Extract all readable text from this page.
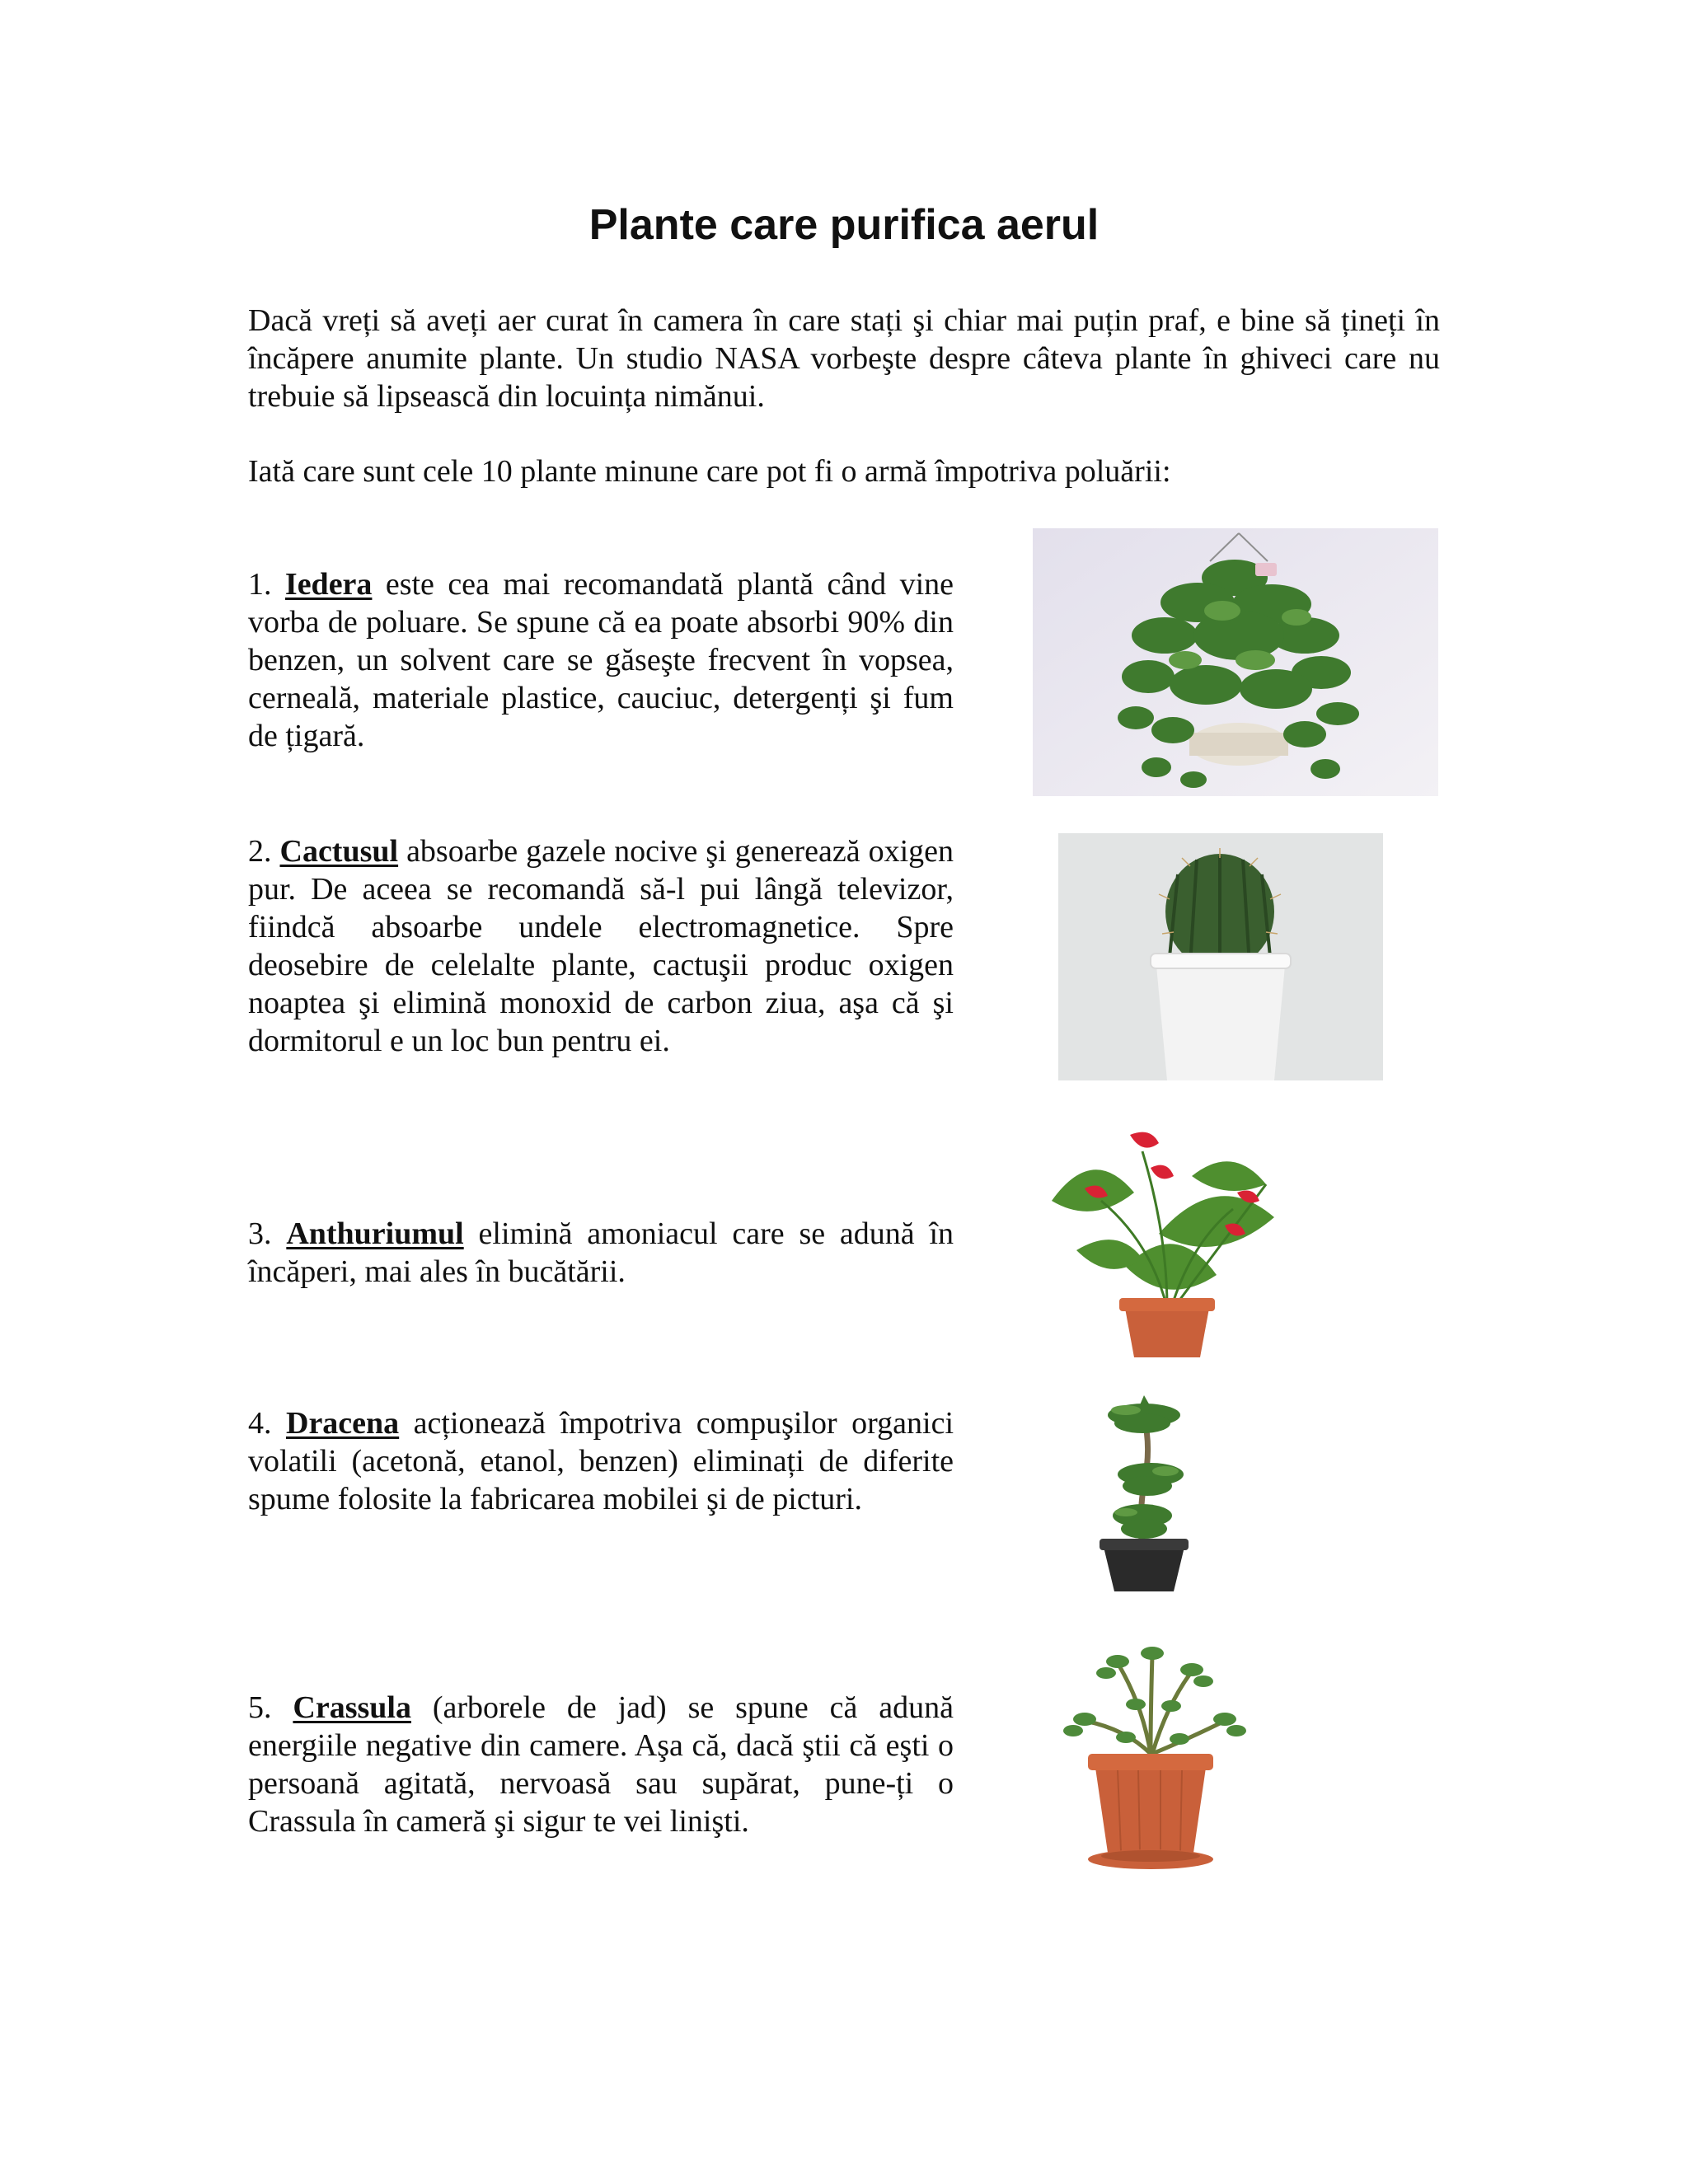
Plante care purifica aerul

Dacă vreți să aveți aer curat în camera în care stați şi chiar mai puțin praf, e bine să țineți în încăpere anumite plante. Un studio NASA vorbeşte despre câteva plante în ghiveci care nu trebuie să lipsească din locuința nimănui.

Iată care sunt cele 10 plante minune care pot fi o armă împotriva poluării:

1. Iedera este cea mai recomandată plantă când vine vorba de poluare. Se spune că ea poate absorbi 90% din benzen, un solvent care se găseşte frecvent în vopsea, cerneală, materiale plastice, cauciuc, detergenți şi fum de țigară.

2. Cactusul absoarbe gazele nocive şi generează oxigen pur. De aceea se recomandă să-l pui lângă televizor, fiindcă absoarbe undele electromagnetice. Spre deosebire de celelalte plante, cactuşii produc oxigen noaptea şi elimină monoxid de carbon ziua, aşa că şi dormitorul e un loc bun pentru ei.

3. Anthuriumul elimină amoniacul care se adună în încăperi, mai ales în bucătării.

4. Dracena acționează împotriva compuşilor organici volatili (acetonă, etanol, benzen) eliminați de diferite spume folosite la fabricarea mobilei şi de picturi.

5. Crassula (arborele de jad) se spune că adună energiile negative din camere. Aşa că, dacă ştii că eşti o persoană agitată, nervoasă sau supărat, pune-ți o Crassula în cameră şi sigur te vei linişti.
